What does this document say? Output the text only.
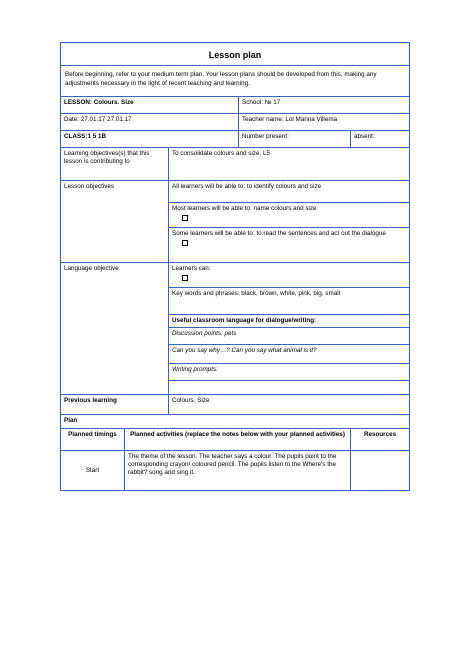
Lesson plan				
Before beginning, refer to your medium term plan. Your lesson plans should be developed from this, making any adjustments necessary in the light of recent teaching and learning.				
LESSON: Colours. Size			School: № 17	
Date: 27.01.17 27.01.17			Teacher name: Lol Marina Villema	
CLASS:1 5 1B			Number present:	absent:
Learning objectives(s) that this lesson is contributing to		To consolidate colours and size. L5		
Lesson objectives		All learners will be able to: to identify colours and size		

		Most learners will be able to: name colours and size		

		Some learners will be able to: to read the sentences and act out the dialogue		

Language objective		Learners can:		

		Key words and phrases: black, brown, white, pink, big, small		
		Useful classroom language for dialogue/writing:		
		Discussion points: pets		
		Can you say why…? Can you say what animal is it?		
		Writing prompts:		

Previous learning		Colours. Size		
Plan				
Planned timings	Planned activities (replace the notes below with your planned activities)			Resources
Start	The theme of the lesson. The teacher says a colour. The pupils point to the corresponding crayon/ coloured pencil. The pupils listen to the Where's the rabbit? song and sing it.			
